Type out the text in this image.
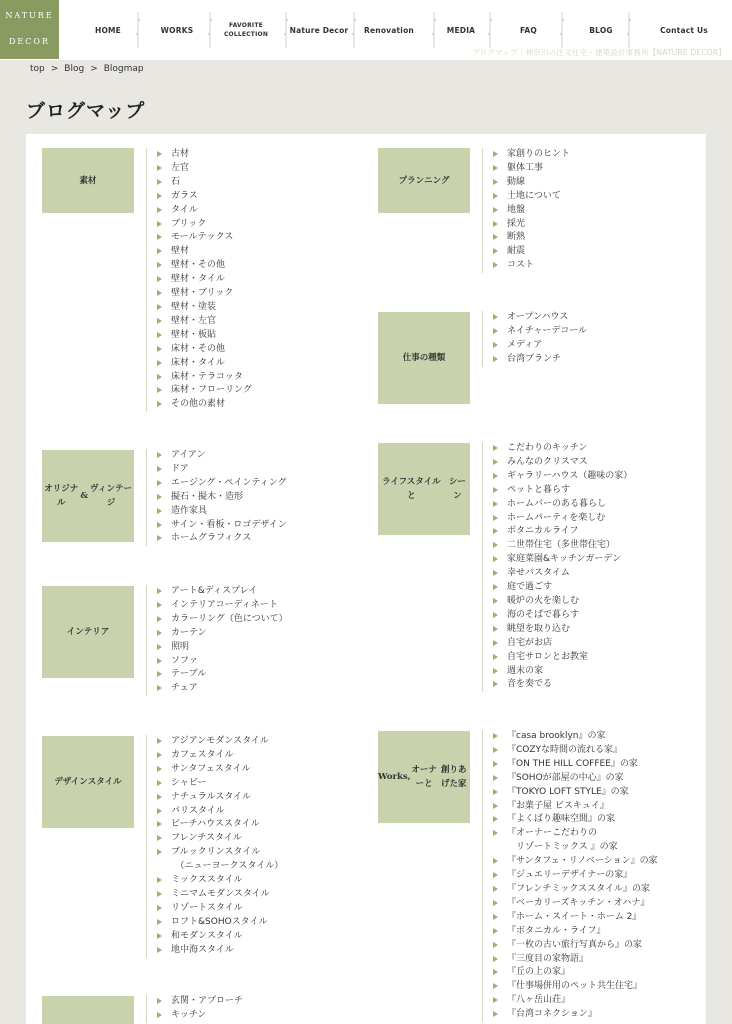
NATURE
DECOR
HOME	WORKS	FAVORITE
COLLECTION	Nature Decor	Renovation	MEDIA	FAQ	BLOG	Contact Us
ブログマップ｜神奈川の注文住宅・建築設計事務所【NATURE DECOR】
top > Blog > Blogmap
ブログマップ
素材
古材
左官
石
ガラス
タイル
ブリック
モールテックス
壁材
壁材・その他
壁材・タイル
壁材・ブリック
壁材・塗装
壁材・左官
壁材・板貼
床材・その他
床材・タイル
床材・テラコッタ
床材・フローリング
その他の素材
オリジナル

&

ヴィンテージ
アイアン
ドア
エージング・ペインティング
擬石・擬木・造形
造作家具
サイン・看板・ロゴデザイン
ホームグラフィクス
インテリア
アート&ディスプレイ
インテリアコーディネート
カラーリング（色について）
カーテン
照明
ソファ
テーブル
チェア
デザイン スタイル
アジアンモダンスタイル
カフェスタイル
サンタフェスタイル
シャビー
ナチュラルスタイル
パリスタイル
ビーチハウススタイル
フレンチスタイル
ブルックリンスタイル
　（ニューヨークスタイル）
ミックススタイル
ミニマムモダンスタイル
リゾートスタイル
ロフト&SOHOスタイル
和モダンスタイル
地中海スタイル
玄関・アプローチ
キッチン
プランニング
家創りのヒント
躯体工事
動線
土地について
地盤
採光
断熱
耐震
コスト
仕事の種類
オープンハウス
ネイチャーデコール
メディア
台湾ブランチ
ライフスタイルと

シーン
こだわりのキッチン
みんなのクリスマス
ギャラリーハウス（趣味の家）
ペットと暮らす
ホームバーのある暮らし
ホームパーティを楽しむ
ボタニカルライフ
二世帯住宅（多世帯住宅）
家庭菜園&キッチンガーデン
幸せバスタイム
庭で過ごす
暖炉の火を楽しむ
海のそばで暮らす
眺望を取り込む
自宅がお店
自宅サロンとお教室
週末の家
音を奏でる
Works,

オーナーと

創りあげた家
『casa brooklyn』の家
『COZYな時間の流れる家』
『ON THE HILL COFFEE』の家
『SOHOが部屋の中心』の家
『TOKYO LOFT STYLE』の家
『お菓子屋 ビスキュイ』
『よくばり趣味空間』の家
『オーナーこだわりの
　リゾートミックス 』の家
『サンタフェ・リノベーション』の家
『ジュエリーデザイナーの家』
『フレンチミックススタイル』の家
『ベーカリーズキッチン・オハナ』
『ホーム・スイート・ホーム 2』
『ボタニカル・ライフ』
『一枚の古い旅行写真から』の家
『三度目の家物語』
『丘の上の家』
『仕事場併用のペット共生住宅』
『八ヶ岳山荘』
『台湾コネクション』
